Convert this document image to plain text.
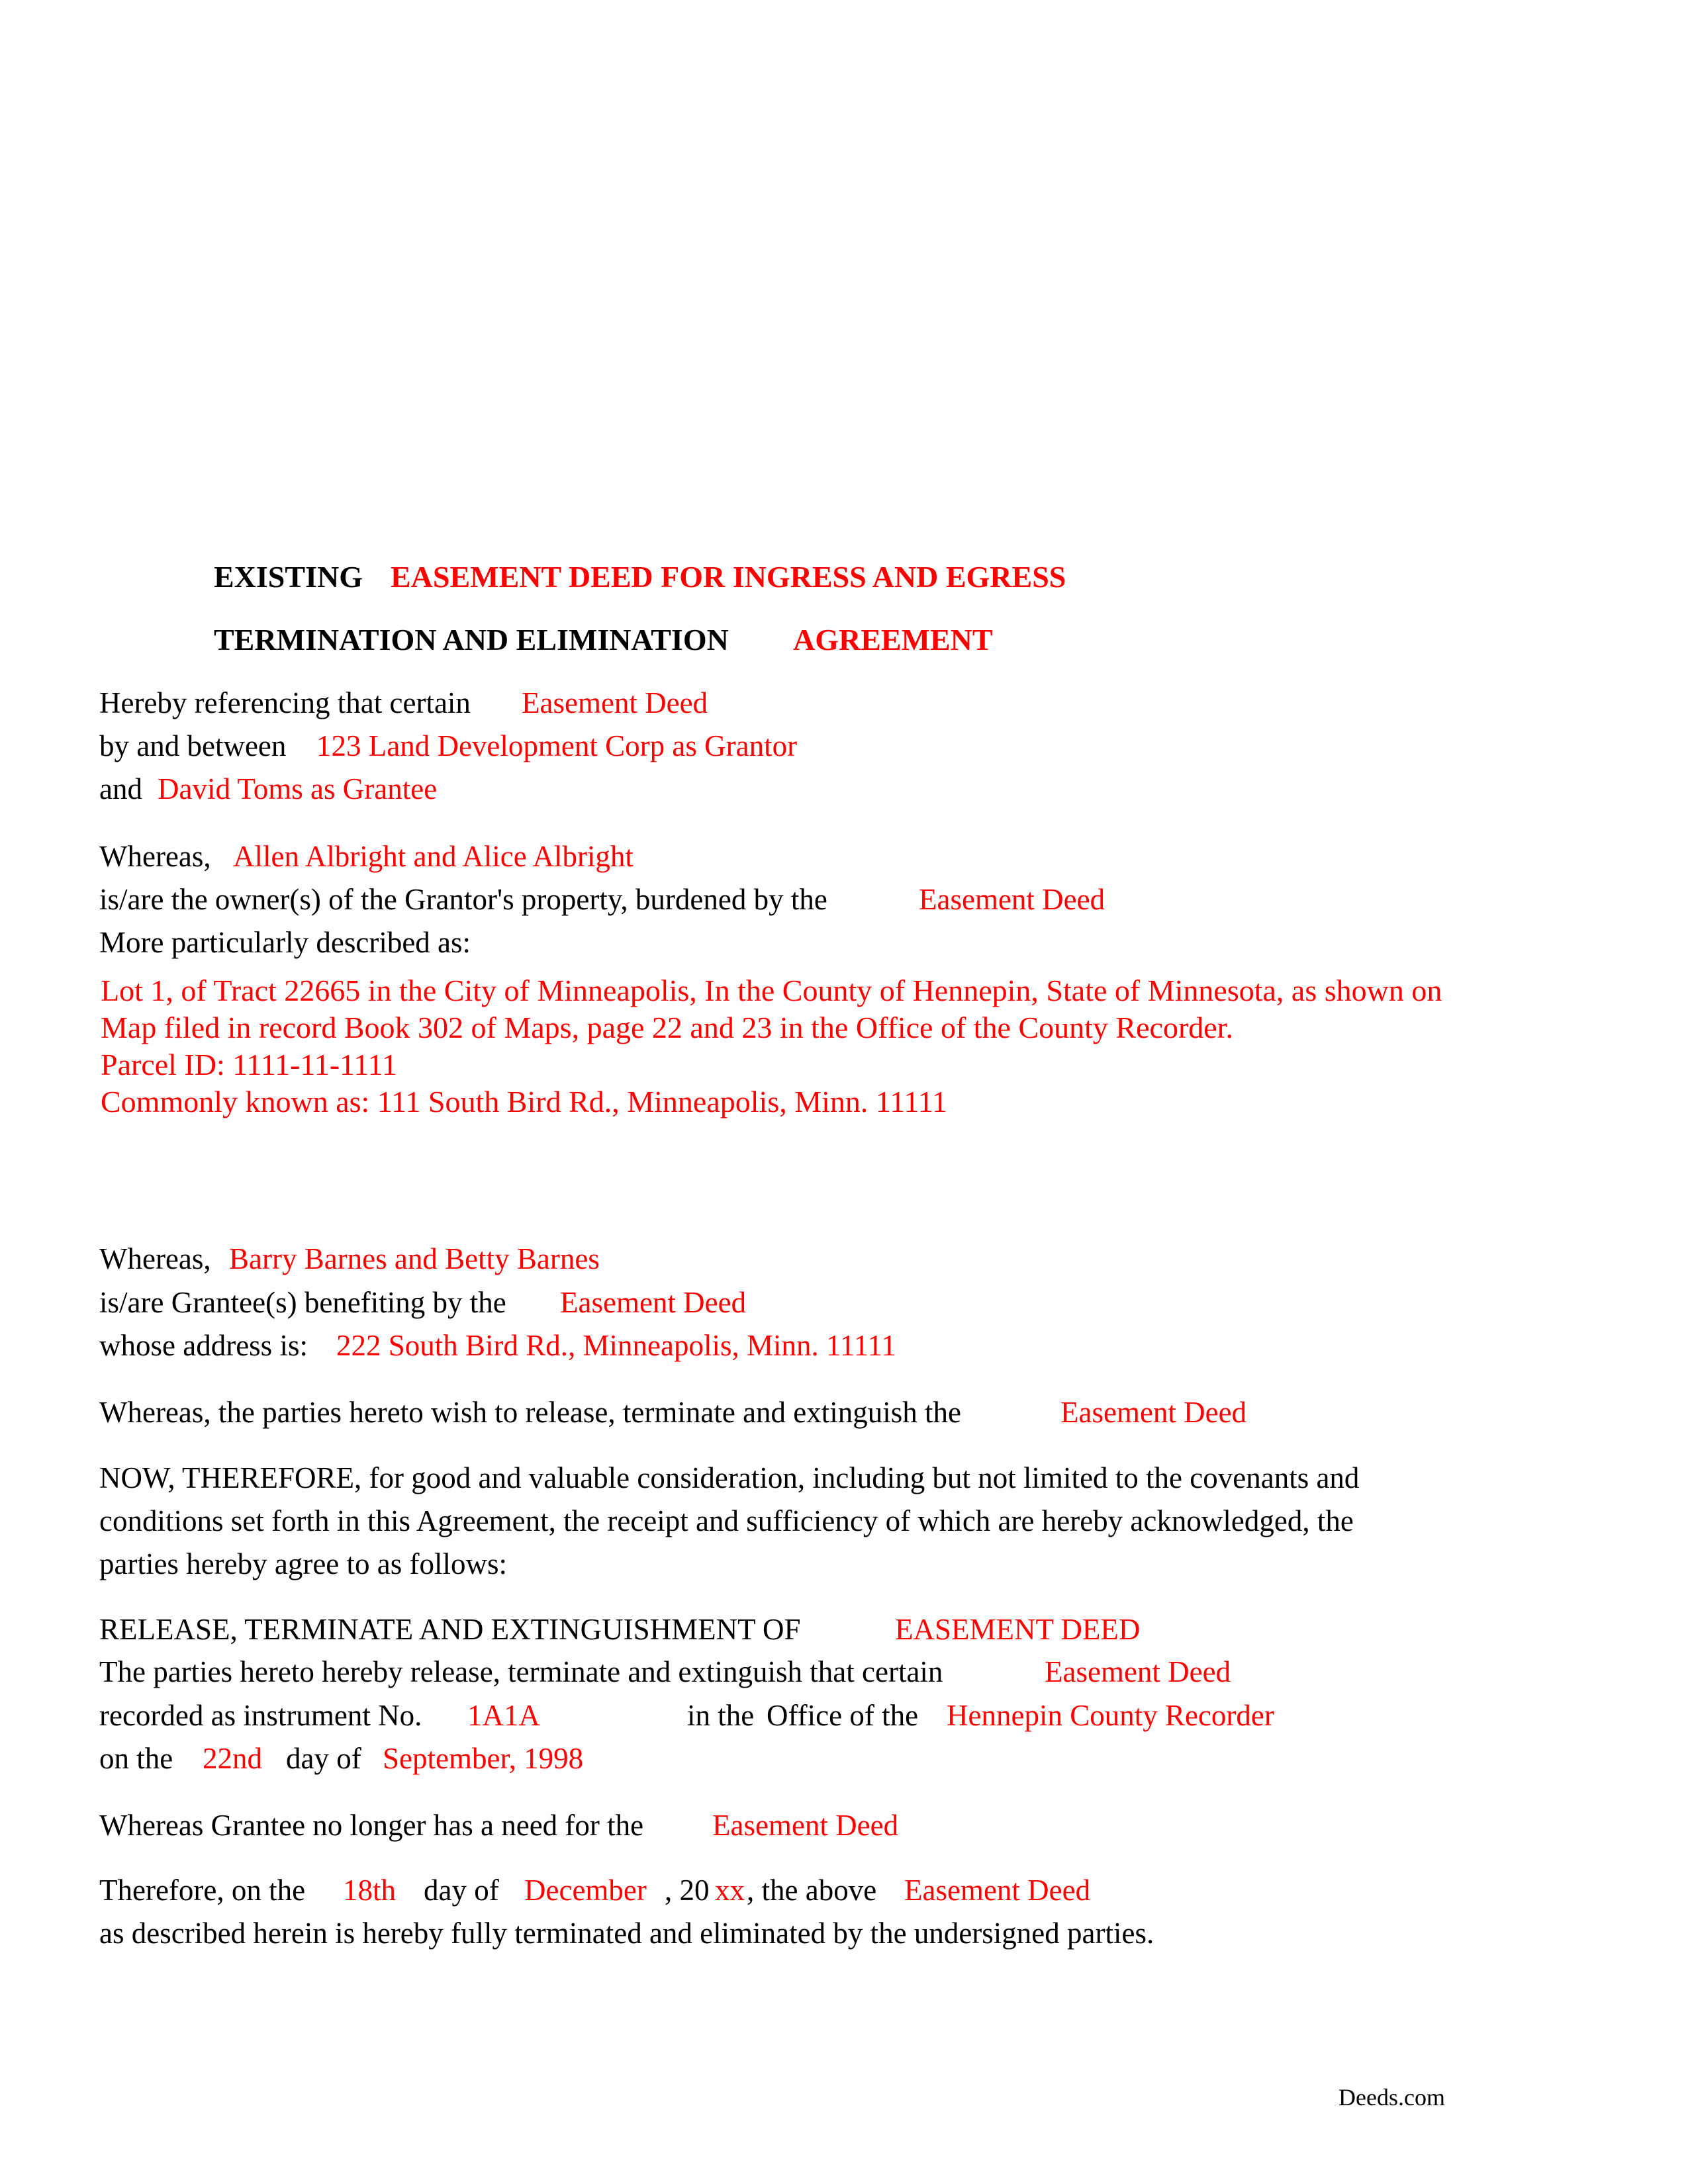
EXISTING EASEMENT DEED FOR INGRESS AND EGRESS
TERMINATION AND ELIMINATION AGREEMENT
Hereby referencing that certain Easement Deed
by and between 123 Land Development Corp as Grantor
and David Toms as Grantee
Whereas, Allen Albright and Alice Albright
is/are the owner(s) of the Grantor's property, burdened by the	Easement Deed
More particularly described as:
Lot 1, of Tract 22665 in the City of Minneapolis, In the County of Hennepin, State of Minnesota, as shown on
Map filed in record Book 302 of Maps, page 22 and 23 in the Office of the County Recorder.
Parcel ID: 1111-11-1111
Commonly known as: 111 South Bird Rd., Minneapolis, Minn. 11111
Whereas, Barry Barnes and Betty Barnes
is/are Grantee(s) benefiting by the Easement Deed
whose address is: 222 South Bird Rd., Minneapolis, Minn. 11111
Whereas, the parties hereto wish to release, terminate and extinguish the	Easement Deed
NOW, THEREFORE, for good and valuable consideration, including but not limited to the covenants and
conditions set forth in this Agreement, the receipt and sufficiency of which are hereby acknowledged, the
parties hereby agree to as follows:
RELEASE, TERMINATE AND EXTINGUISHMENT OF	EASEMENT DEED
The parties hereto hereby release, terminate and extinguish that certain	Easement Deed
recorded as instrument No. 1A1A	in the Office of the Hennepin County Recorder
on the 22nd day of September, 1998
Whereas Grantee no longer has a need for the Easement Deed
Therefore, on the 18th day of December , 20 xx , the above Easement Deed
as described herein is hereby fully terminated and eliminated by the undersigned parties.
Deeds.com
